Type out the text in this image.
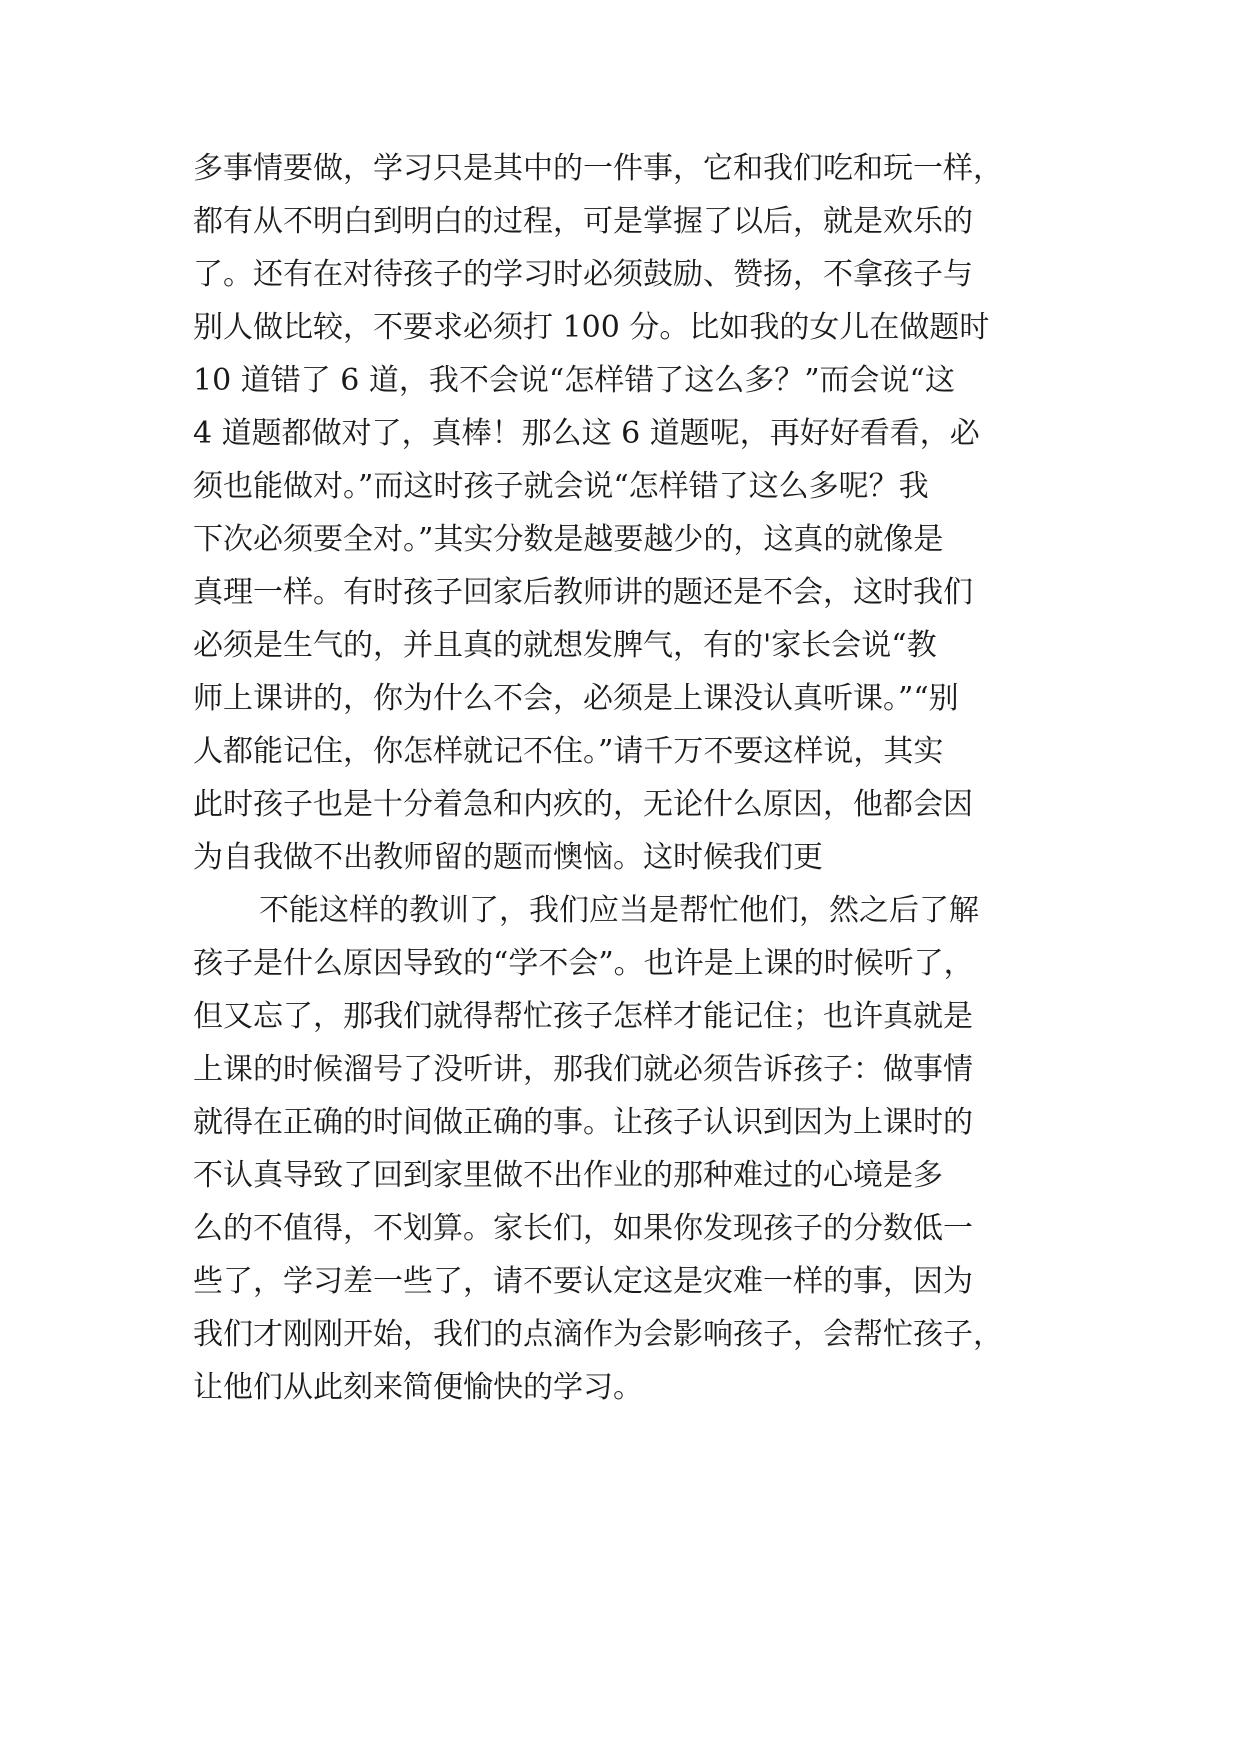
多事情要做，学习只是其中的一件事，它和我们吃和玩一样，
都有从不明白到明白的过程，可是掌握了以后，就是欢乐的
了。还有在对待孩子的学习时必须鼓励、赞扬，不拿孩子与
别人做比较，不要求必须打 100 分。比如我的女儿在做题时
10 道错了 6 道，我不会说“怎样错了这么多？”而会说“这
4 道题都做对了，真棒！那么这 6 道题呢，再好好看看，必
须也能做对。”而这时孩子就会说“怎样错了这么多呢？我
下次必须要全对。”其实分数是越要越少的，这真的就像是
真理一样。有时孩子回家后教师讲的题还是不会，这时我们
必须是生气的，并且真的就想发脾气，有的'家长会说“教
师上课讲的，你为什么不会，必须是上课没认真听课。”“别
人都能记住，你怎样就记不住。”请千万不要这样说，其实
此时孩子也是十分着急和内疚的，无论什么原因，他都会因
为自我做不出教师留的题而懊恼。这时候我们更
不能这样的教训了，我们应当是帮忙他们，然之后了解
孩子是什么原因导致的“学不会”。也许是上课的时候听了，
但又忘了，那我们就得帮忙孩子怎样才能记住；也许真就是
上课的时候溜号了没听讲，那我们就必须告诉孩子：做事情
就得在正确的时间做正确的事。让孩子认识到因为上课时的
不认真导致了回到家里做不出作业的那种难过的心境是多
么的不值得，不划算。家长们，如果你发现孩子的分数低一
些了，学习差一些了，请不要认定这是灾难一样的事，因为
我们才刚刚开始，我们的点滴作为会影响孩子，会帮忙孩子，
让他们从此刻来简便愉快的学习。
